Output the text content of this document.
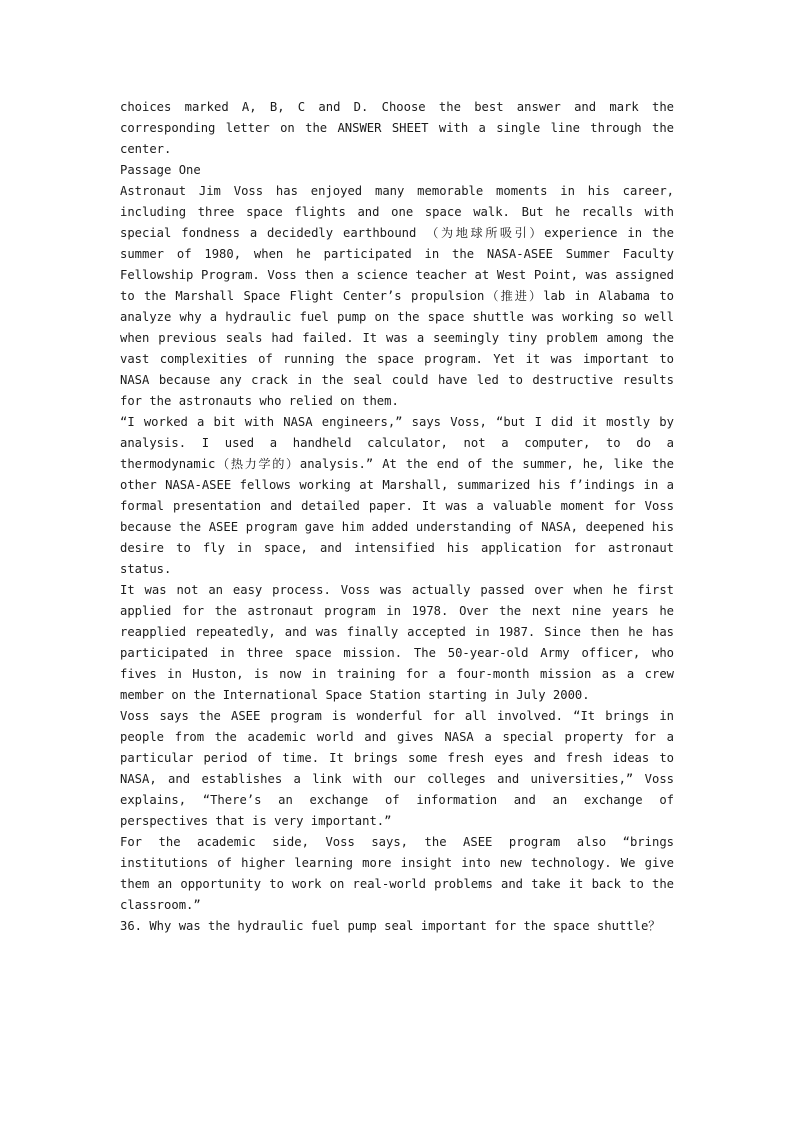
choices marked A, B, C and D. Choose the best answer and mark the corresponding letter on the ANSWER SHEET with a single line through the center.

Passage One

Astronaut Jim Voss has enjoyed many memorable moments in his career, including three space flights and one space walk. But he recalls with special fondness a decidedly earthbound （为地球所吸引）experience in the summer of 1980, when he participated in the NASA-ASEE Summer Faculty Fellowship Program. Voss then a science teacher at West Point, was assigned to the Marshall Space Flight Center’s propulsion（推进）lab in Alabama to analyze why a hydraulic fuel pump on the space shuttle was working so well when previous seals had failed. It was a seemingly tiny problem among the vast complexities of running the space program. Yet it was important to NASA because any crack in the seal could have led to destructive results for the astronauts who relied on them.

“I worked a bit with NASA engineers,” says Voss, “but I did it mostly by analysis. I used a handheld calculator, not a computer, to do a thermodynamic（热力学的）analysis.” At the end of the summer, he, like the other NASA-ASEE fellows working at Marshall, summarized his f’indings in a formal presentation and detailed paper. It was a valuable moment for Voss because the ASEE program gave him added understanding of NASA, deepened his desire to fly in space, and intensified his application for astronaut status.

It was not an easy process. Voss was actually passed over when he first applied for the astronaut program in 1978. Over the next nine years he reapplied repeatedly, and was finally accepted in 1987. Since then he has participated in three space mission. The 50-year-old Army officer, who fives in Huston, is now in training for a four-month mission as a crew member on the International Space Station starting in July 2000.

Voss says the ASEE program is wonderful for all involved. “It brings in people from the academic world and gives NASA a special property for a particular period of time. It brings some fresh eyes and fresh ideas to NASA, and establishes a link with our colleges and universities,” Voss explains, “There’s an exchange of information and an exchange of perspectives that is very important.”

For the academic side, Voss says, the ASEE program also “brings institutions of higher learning more insight into new technology. We give them an opportunity to work on real-world problems and take it back to the classroom.”

36. Why was the hydraulic fuel pump seal important for the space shuttle？
